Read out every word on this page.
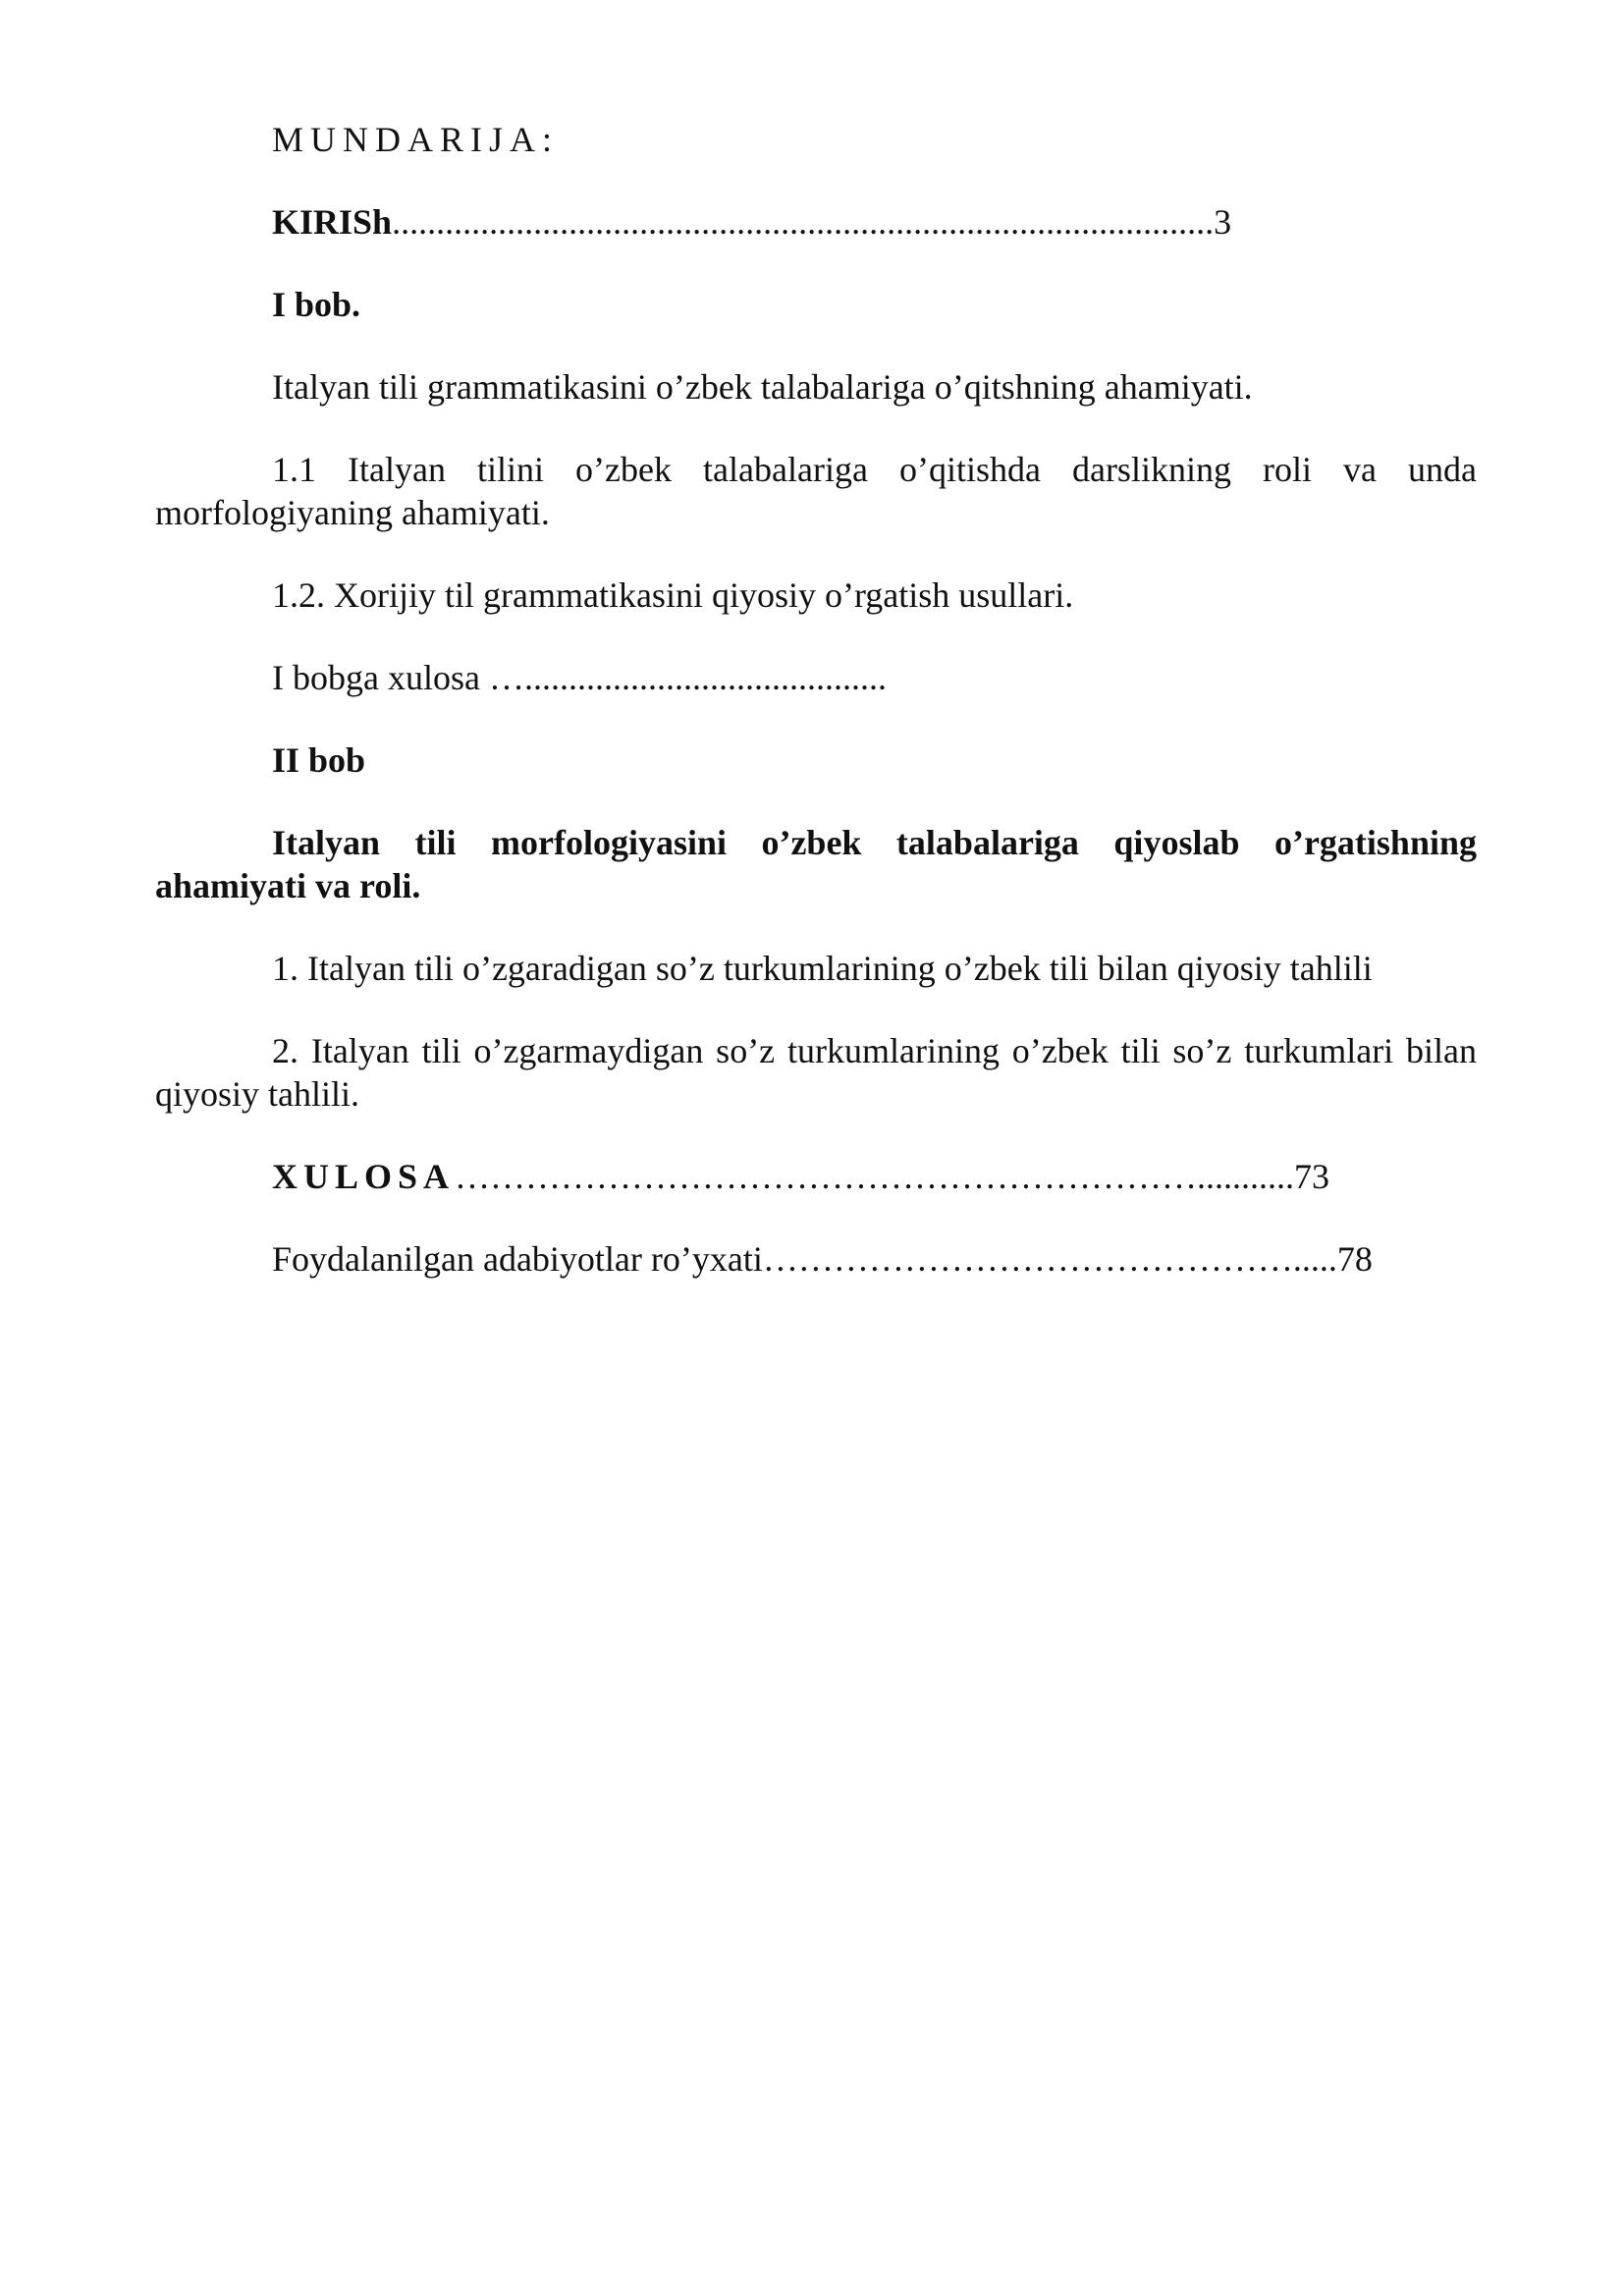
MUNDARIJA:

KIRISh.............................................................................................3

I bob.

Italyan tili grammatikasini o’zbek talabalariga o’qitshning ahamiyati.

1.1 Italyan tilini o’zbek talabalariga o’qitishda darslikning roli va unda morfologiyaning ahamiyati.

1.2. Xorijiy til grammatikasini qiyosiy o’rgatish usullari.

I bobga xulosa ….........................................

II bob

Italyan tili morfologiyasini o’zbek talabalariga qiyoslab o’rgatishning ahamiyati va roli.

1. Italyan tili o’zgaradigan so’z turkumlarining o’zbek tili bilan qiyosiy tahlili

2. Italyan tili o’zgarmaydigan so’z turkumlarining o’zbek tili so’z turkumlari bilan qiyosiy tahlili.

XULOSA………………………………………………………...........73

Foydalanilgan adabiyotlar ro’yxati……………………………………….....78
